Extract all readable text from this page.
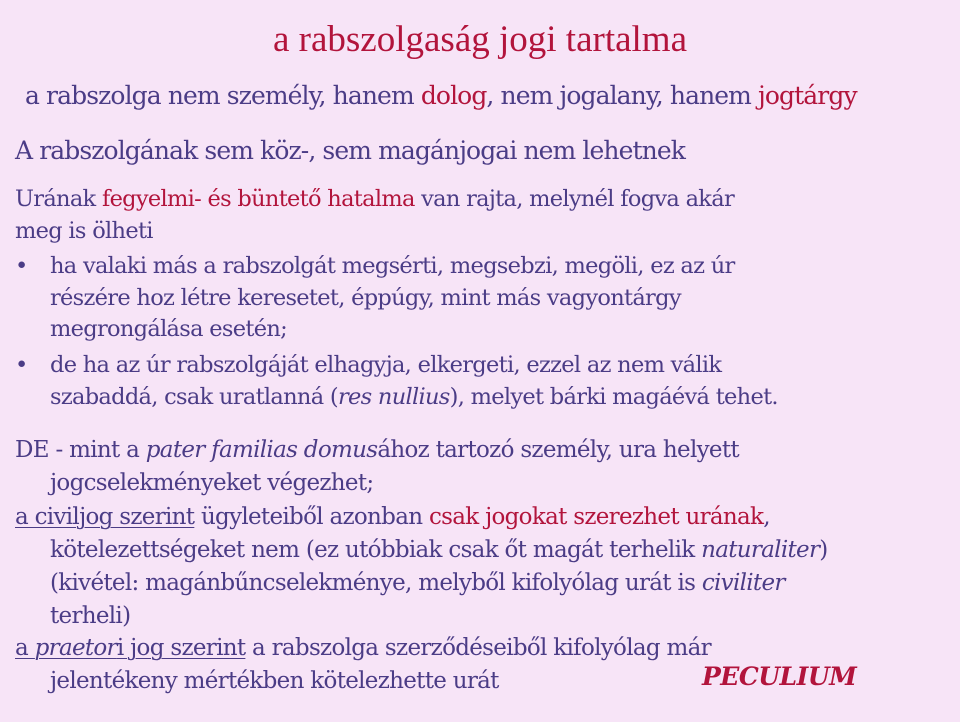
a rabszolgaság jogi tartalma
a rabszolga nem személy, hanem dolog, nem jogalany, hanem jogtárgy
A rabszolgának sem köz-, sem magánjogai nem lehetnek
Urának fegyelmi- és büntető hatalma van rajta, melynél fogva akár
meg is ölheti
• ha valaki más a rabszolgát megsérti, megsebzi, megöli, ez az úr
részére hoz létre keresetet, éppúgy, mint más vagyontárgy
megrongálása esetén;
• de ha az úr rabszolgáját elhagyja, elkergeti, ezzel az nem válik
szabaddá, csak uratlanná (res nullius), melyet bárki magáévá tehet.
DE - mint a pater familias domusához tartozó személy, ura helyett
jogcselekményeket végezhet;
a civiljog szerint ügyleteiből azonban csak jogokat szerezhet urának,
kötelezettségeket nem (ez utóbbiak csak őt magát terhelik naturaliter)
(kivétel: magánbűncselekménye, melyből kifolyólag urát is civiliter
terheli)
a praetori jog szerint a rabszolga szerződéseiből kifolyólag már
jelentékeny mértékben kötelezhette urát	PECULIUM
